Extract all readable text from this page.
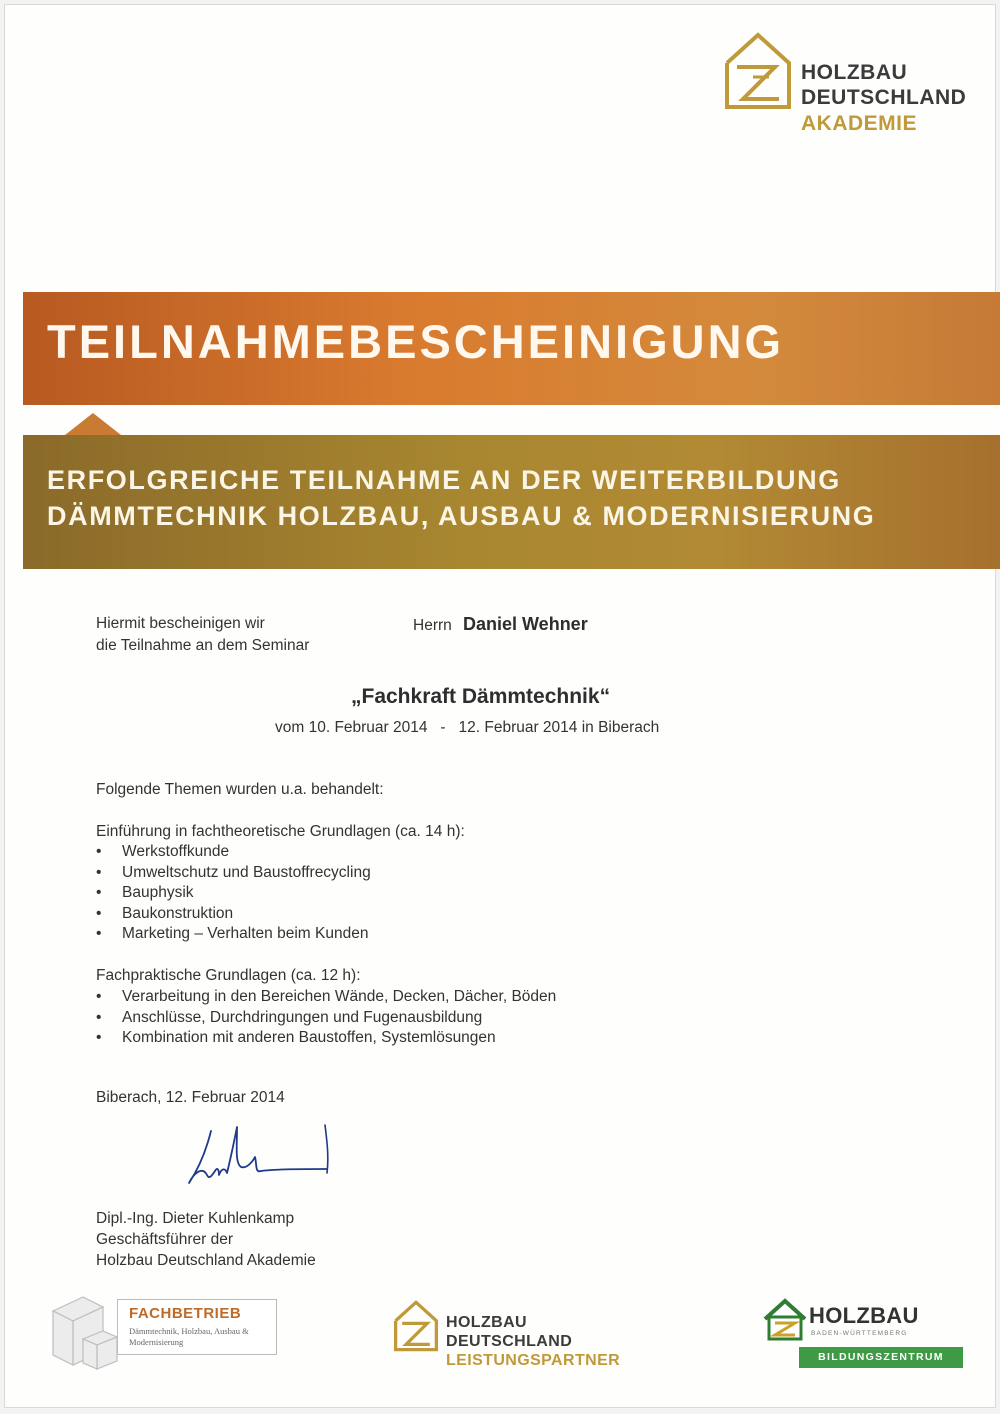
HOLZBAU
DEUTSCHLAND
AKADEMIE
TEILNAHMEBESCHEINIGUNG
ERFOLGREICHE TEILNAHME AN DER WEITERBILDUNG
DÄMMTECHNIK HOLZBAU, AUSBAU & MODERNISIERUNG
Hiermit bescheinigen wir
die Teilnahme an dem Seminar
Herrn Daniel Wehner
„Fachkraft Dämmtechnik“
vom 10. Februar 2014   -   12. Februar 2014 in Biberach
Folgende Themen wurden u.a. behandelt:
Einführung in fachtheoretische Grundlagen (ca. 14 h):
• Werkstoffkunde
• Umweltschutz und Baustoffrecycling
• Bauphysik
• Baukonstruktion
• Marketing – Verhalten beim Kunden
Fachpraktische Grundlagen (ca. 12 h):
• Verarbeitung in den Bereichen Wände, Decken, Dächer, Böden
• Anschlüsse, Durchdringungen und Fugenausbildung
• Kombination mit anderen Baustoffen, Systemlösungen
Biberach, 12. Februar 2014
Dipl.-Ing. Dieter Kuhlenkamp
Geschäftsführer der
Holzbau Deutschland Akademie
FACHBETRIEB
Dämmtechnik, Holzbau, Ausbau & Modernisierung
HOLZBAU
DEUTSCHLAND
LEISTUNGSPARTNER
HOLZBAU
BADEN-WÜRTTEMBERG
BILDUNGSZENTRUM
